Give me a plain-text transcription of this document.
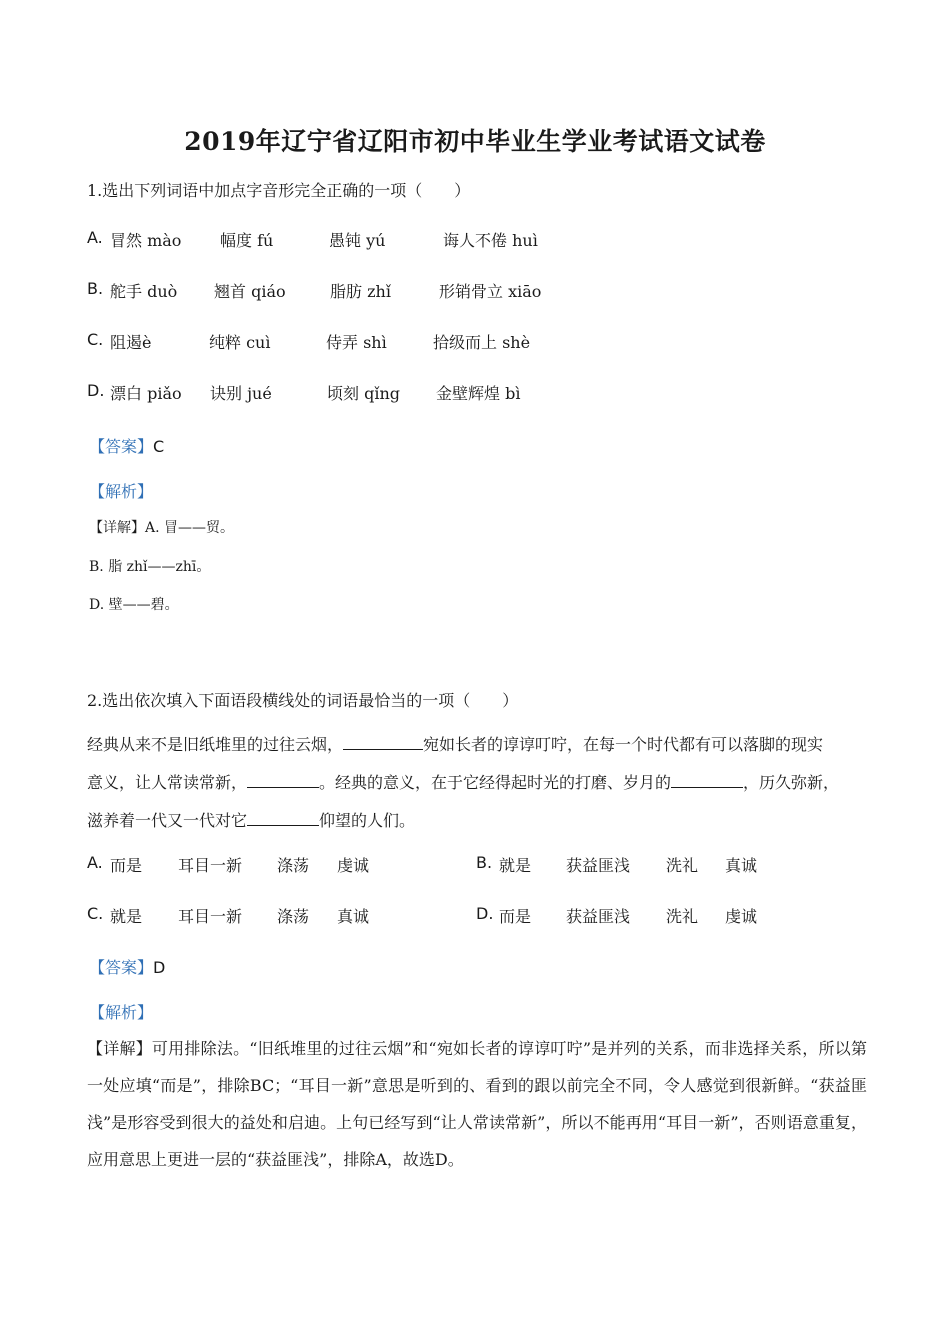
2019年辽宁省辽阳市初中毕业生学业考试语文试卷
1.选出下列词语中加点字音形完全正确的一项（　　）
A. 冒然 mào 幅度 fú	愚钝 yú	诲人不倦 huì
B. 舵手 duò 翘首 qiáo	脂肪 zhǐ	形销骨立 xiāo
C. 阻遏è	纯粹 cuì	侍弄 shì	拾级而上 shè
D. 漂白 piǎo 诀别 jué	顷刻 qǐng 金壁辉煌 bì
【答案】C
【解析】
【详解】A. 冒——贸。
B. 脂 zhǐ——zhī。
D. 壁——碧。
2.选出依次填入下面语段横线处的词语最恰当的一项（　　）
经典从来不是旧纸堆里的过往云烟，	宛如长者的谆谆叮咛，在每一个时代都有可以落脚的现实
意义，让人常读常新，	。经典的意义，在于它经得起时光的打磨、岁月的	，历久弥新，
滋养着一代又一代对它	仰望的人们。
A. 而是 耳目一新 涤荡 虔诚	B. 就是 获益匪浅 洗礼 真诚
C. 就是 耳目一新 涤荡 真诚	D. 而是 获益匪浅 洗礼 虔诚
【答案】D
【解析】

【详解】可用排除法。“旧纸堆里的过往云烟”和“宛如长者的谆谆叮咛”是并列的关系，而非选择关系，所以第一处应填“而是”，排除BC；“耳目一新”意思是听到的、看到的跟以前完全不同，令人感觉到很新鲜。“获益匪浅”是形容受到很大的益处和启迪。上句已经写到“让人常读常新”，所以不能再用“耳目一新”，否则语意重复，应用意思上更进一层的“获益匪浅”，排除A，故选D。
